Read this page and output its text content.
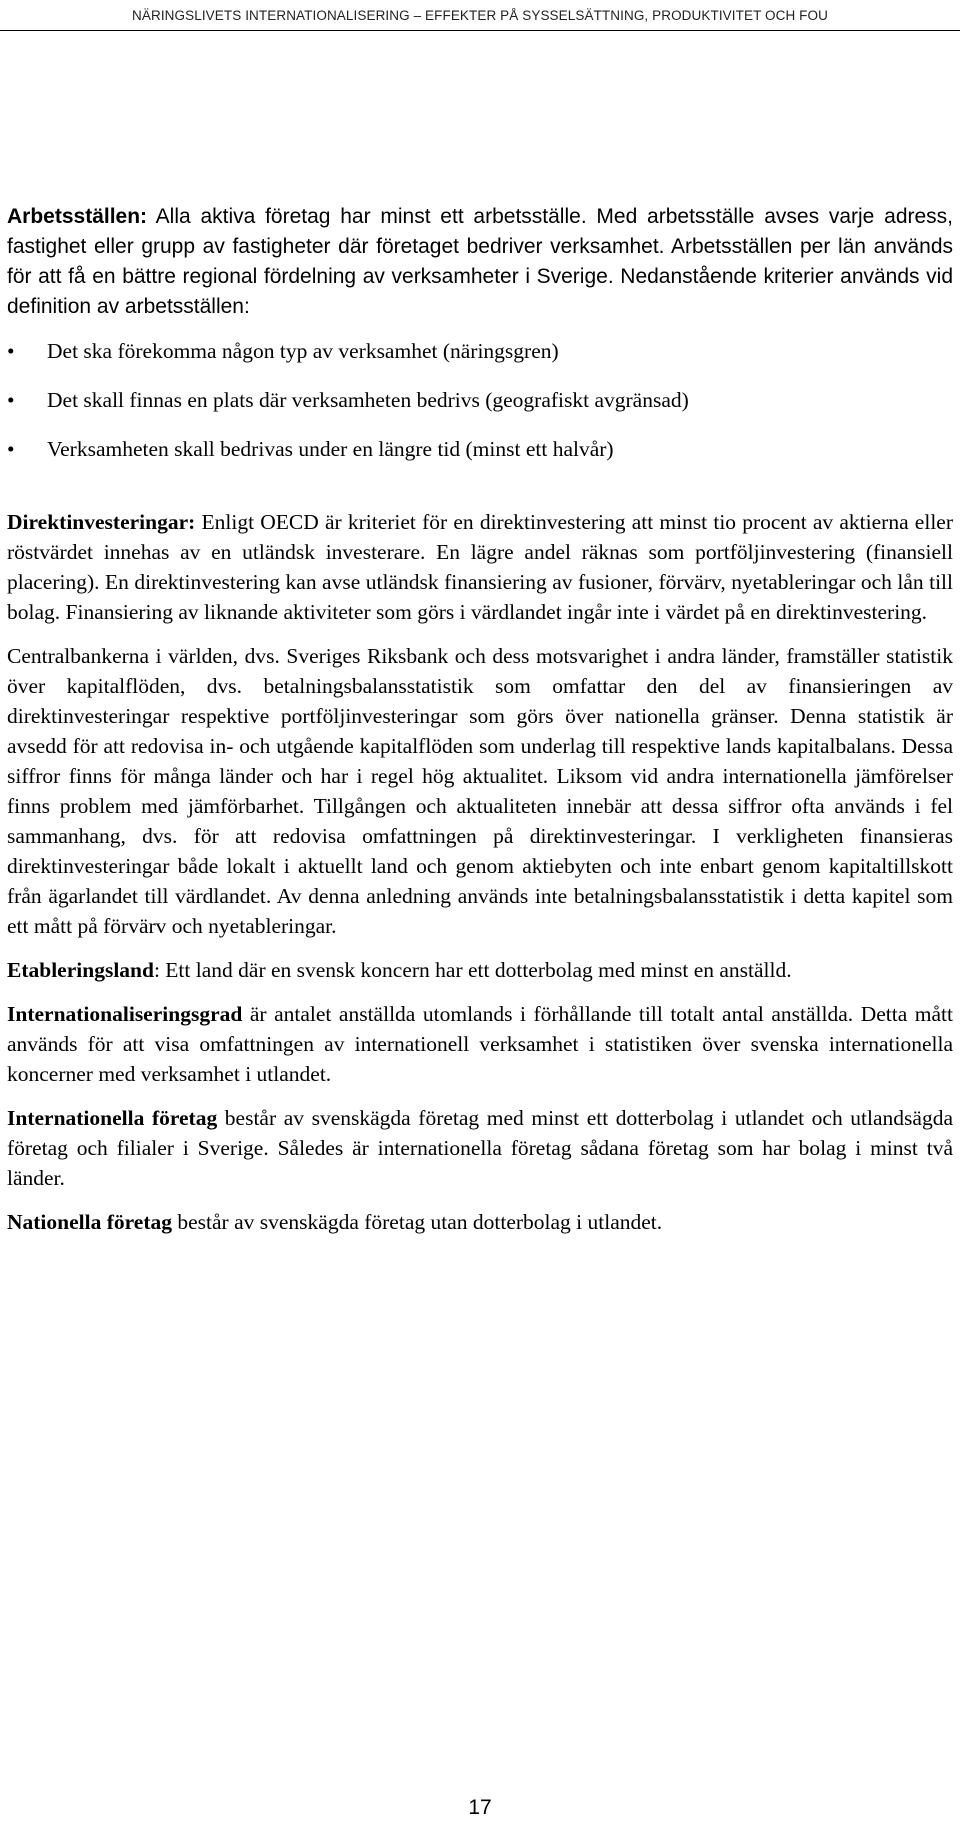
NÄRINGSLIVETS INTERNATIONALISERING – EFFEKTER PÅ SYSSELSÄTTNING, PRODUKTIVITET OCH FOU

Arbetsställen: Alla aktiva företag har minst ett arbetsställe. Med arbetsställe avses varje adress, fastighet eller grupp av fastigheter där företaget bedriver verksamhet. Arbetsställen per län används för att få en bättre regional fördelning av verksamheter i Sverige. Nedanstående kriterier används vid definition av arbetsställen:

• Det ska förekomma någon typ av verksamhet (näringsgren)
• Det skall finnas en plats där verksamheten bedrivs (geografiskt avgränsad)
• Verksamheten skall bedrivas under en längre tid (minst ett halvår)

Direktinvesteringar: Enligt OECD är kriteriet för en direktinvestering att minst tio procent av aktierna eller röstvärdet innehas av en utländsk investerare. En lägre andel räknas som portföljinvestering (finansiell placering). En direktinvestering kan avse utländsk finansiering av fusioner, förvärv, nyetableringar och lån till bolag. Finansiering av liknande aktiviteter som görs i värdlandet ingår inte i värdet på en direktinvestering.

Centralbankerna i världen, dvs. Sveriges Riksbank och dess motsvarighet i andra länder, framställer statistik över kapitalflöden, dvs. betalningsbalansstatistik som omfattar den del av finansieringen av direktinvesteringar respektive portföljinvesteringar som görs över nationella gränser. Denna statistik är avsedd för att redovisa in- och utgående kapitalflöden som underlag till respektive lands kapitalbalans. Dessa siffror finns för många länder och har i regel hög aktualitet. Liksom vid andra internationella jämförelser finns problem med jämförbarhet. Tillgången och aktualiteten innebär att dessa siffror ofta används i fel sammanhang, dvs. för att redovisa omfattningen på direktinvesteringar. I verkligheten finansieras direktinvesteringar både lokalt i aktuellt land och genom aktiebyten och inte enbart genom kapitaltillskott från ägarlandet till värdlandet. Av denna anledning används inte betalningsbalansstatistik i detta kapitel som ett mått på förvärv och nyetableringar.

Etableringsland: Ett land där en svensk koncern har ett dotterbolag med minst en anställd.

Internationaliseringsgrad är antalet anställda utomlands i förhållande till totalt antal anställda. Detta mått används för att visa omfattningen av internationell verksamhet i statistiken över svenska internationella koncerner med verksamhet i utlandet.

Internationella företag består av svenskägda företag med minst ett dotterbolag i utlandet och utlandsägda företag och filialer i Sverige. Således är internationella företag sådana företag som har bolag i minst två länder.

Nationella företag består av svenskägda företag utan dotterbolag i utlandet.

17
